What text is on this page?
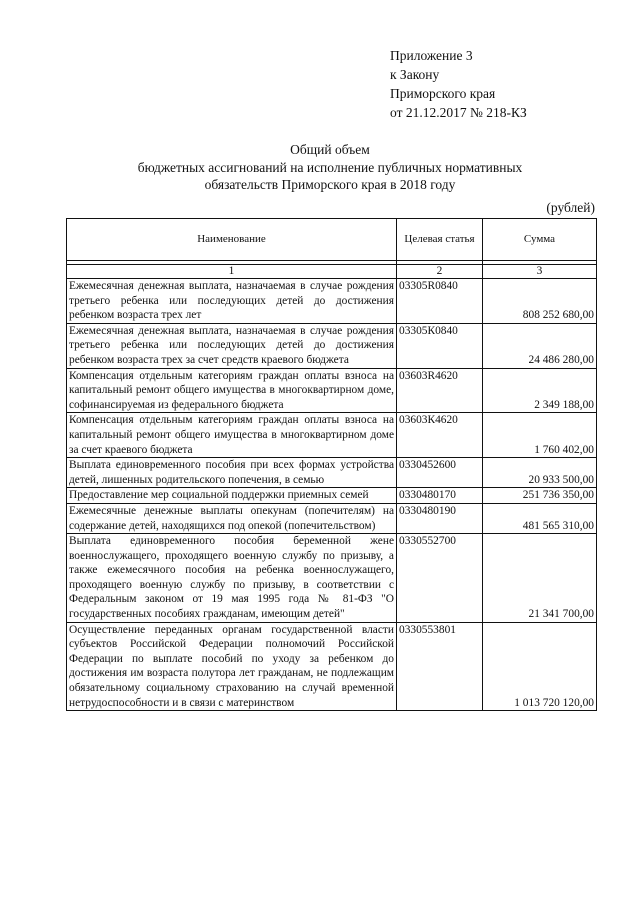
Приложение 3
к Закону
Приморского края
от 21.12.2017 № 218-КЗ
Общий объем
бюджетных ассигнований на исполнение публичных нормативных
обязательств Приморского края в 2018 году
(рублей)
Наименование	Целевая статья	Сумма

1	2	3
Ежемесячная денежная выплата, назначаемая в случае рождения третьего ребенка или последующих детей до достижения ребенком возраста трех лет	03305R0840	808 252 680,00
Ежемесячная денежная выплата, назначаемая в случае рождения третьего ребенка или последующих детей до достижения ребенком возраста трех за счет средств краевого бюджета	03305К0840	24 486 280,00
Компенсация отдельным категориям граждан оплаты взноса на капитальный ремонт общего имущества в многоквартирном доме, софинансируемая из федерального бюджета	03603R4620	2 349 188,00
Компенсация отдельным категориям граждан оплаты взноса на капитальный ремонт общего имущества в многоквартирном доме за счет краевого бюджета	03603К4620	1 760 402,00
Выплата единовременного пособия при всех формах устройства детей, лишенных родительского попечения, в семью	0330452600	20 933 500,00
Предоставление мер социальной поддержки приемных семей	0330480170	251 736 350,00
Ежемесячные денежные выплаты опекунам (попечителям) на содержание детей, находящихся под опекой (попечительством)	0330480190	481 565 310,00
Выплата единовременного пособия беременной жене военнослужащего, проходящего военную службу по призыву, а также ежемесячного пособия на ребенка военнослужащего, проходящего военную службу по призыву, в соответствии с Федеральным законом от 19 мая 1995 года № 81-ФЗ "О государственных пособиях гражданам, имеющим детей"	0330552700	21 341 700,00
Осуществление переданных органам государственной власти субъектов Российской Федерации полномочий Российской Федерации по выплате пособий по уходу за ребенком до достижения им возраста полутора лет гражданам, не подлежащим обязательному социальному страхованию на случай временной нетрудоспособности и в связи с материнством	0330553801	1 013 720 120,00
